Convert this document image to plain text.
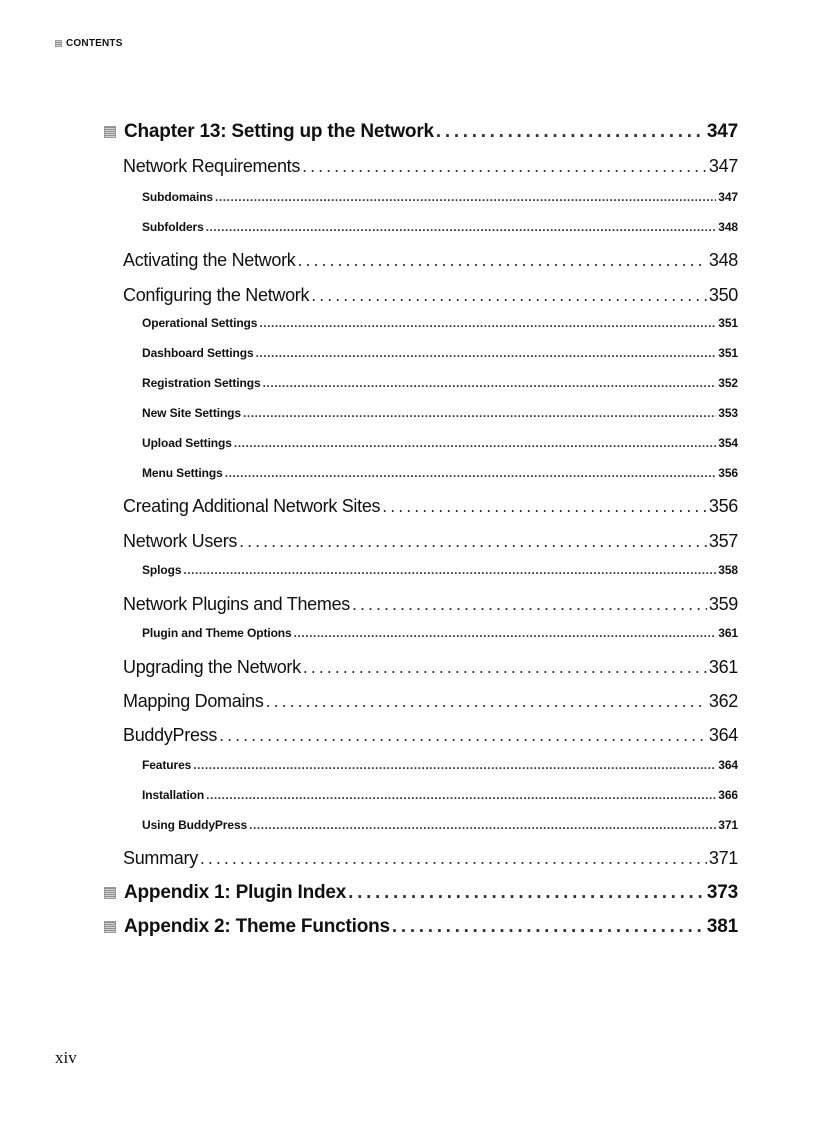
CONTENTS
Chapter 13: Setting up the Network . . .	347
Network Requirements . . .	347
Subdomains . . .	347
Subfolders . . .	348
Activating the Network . . .	348
Configuring the Network . . .	350
Operational Settings . . .	351
Dashboard Settings . . .	351
Registration Settings . . .	352
New Site Settings . . .	353
Upload Settings . . .	354
Menu Settings . . .	356
Creating Additional Network Sites . . .	356
Network Users . . .	357
Splogs . . .	358
Network Plugins and Themes . . .	359
Plugin and Theme Options . . .	361
Upgrading the Network . . .	361
Mapping Domains . . .	362
BuddyPress . . .	364
Features . . .	364
Installation . . .	366
Using BuddyPress . . .	371
Summary . . .	371
Appendix 1: Plugin Index . . .	373
Appendix 2: Theme Functions . . .	381
xiv
